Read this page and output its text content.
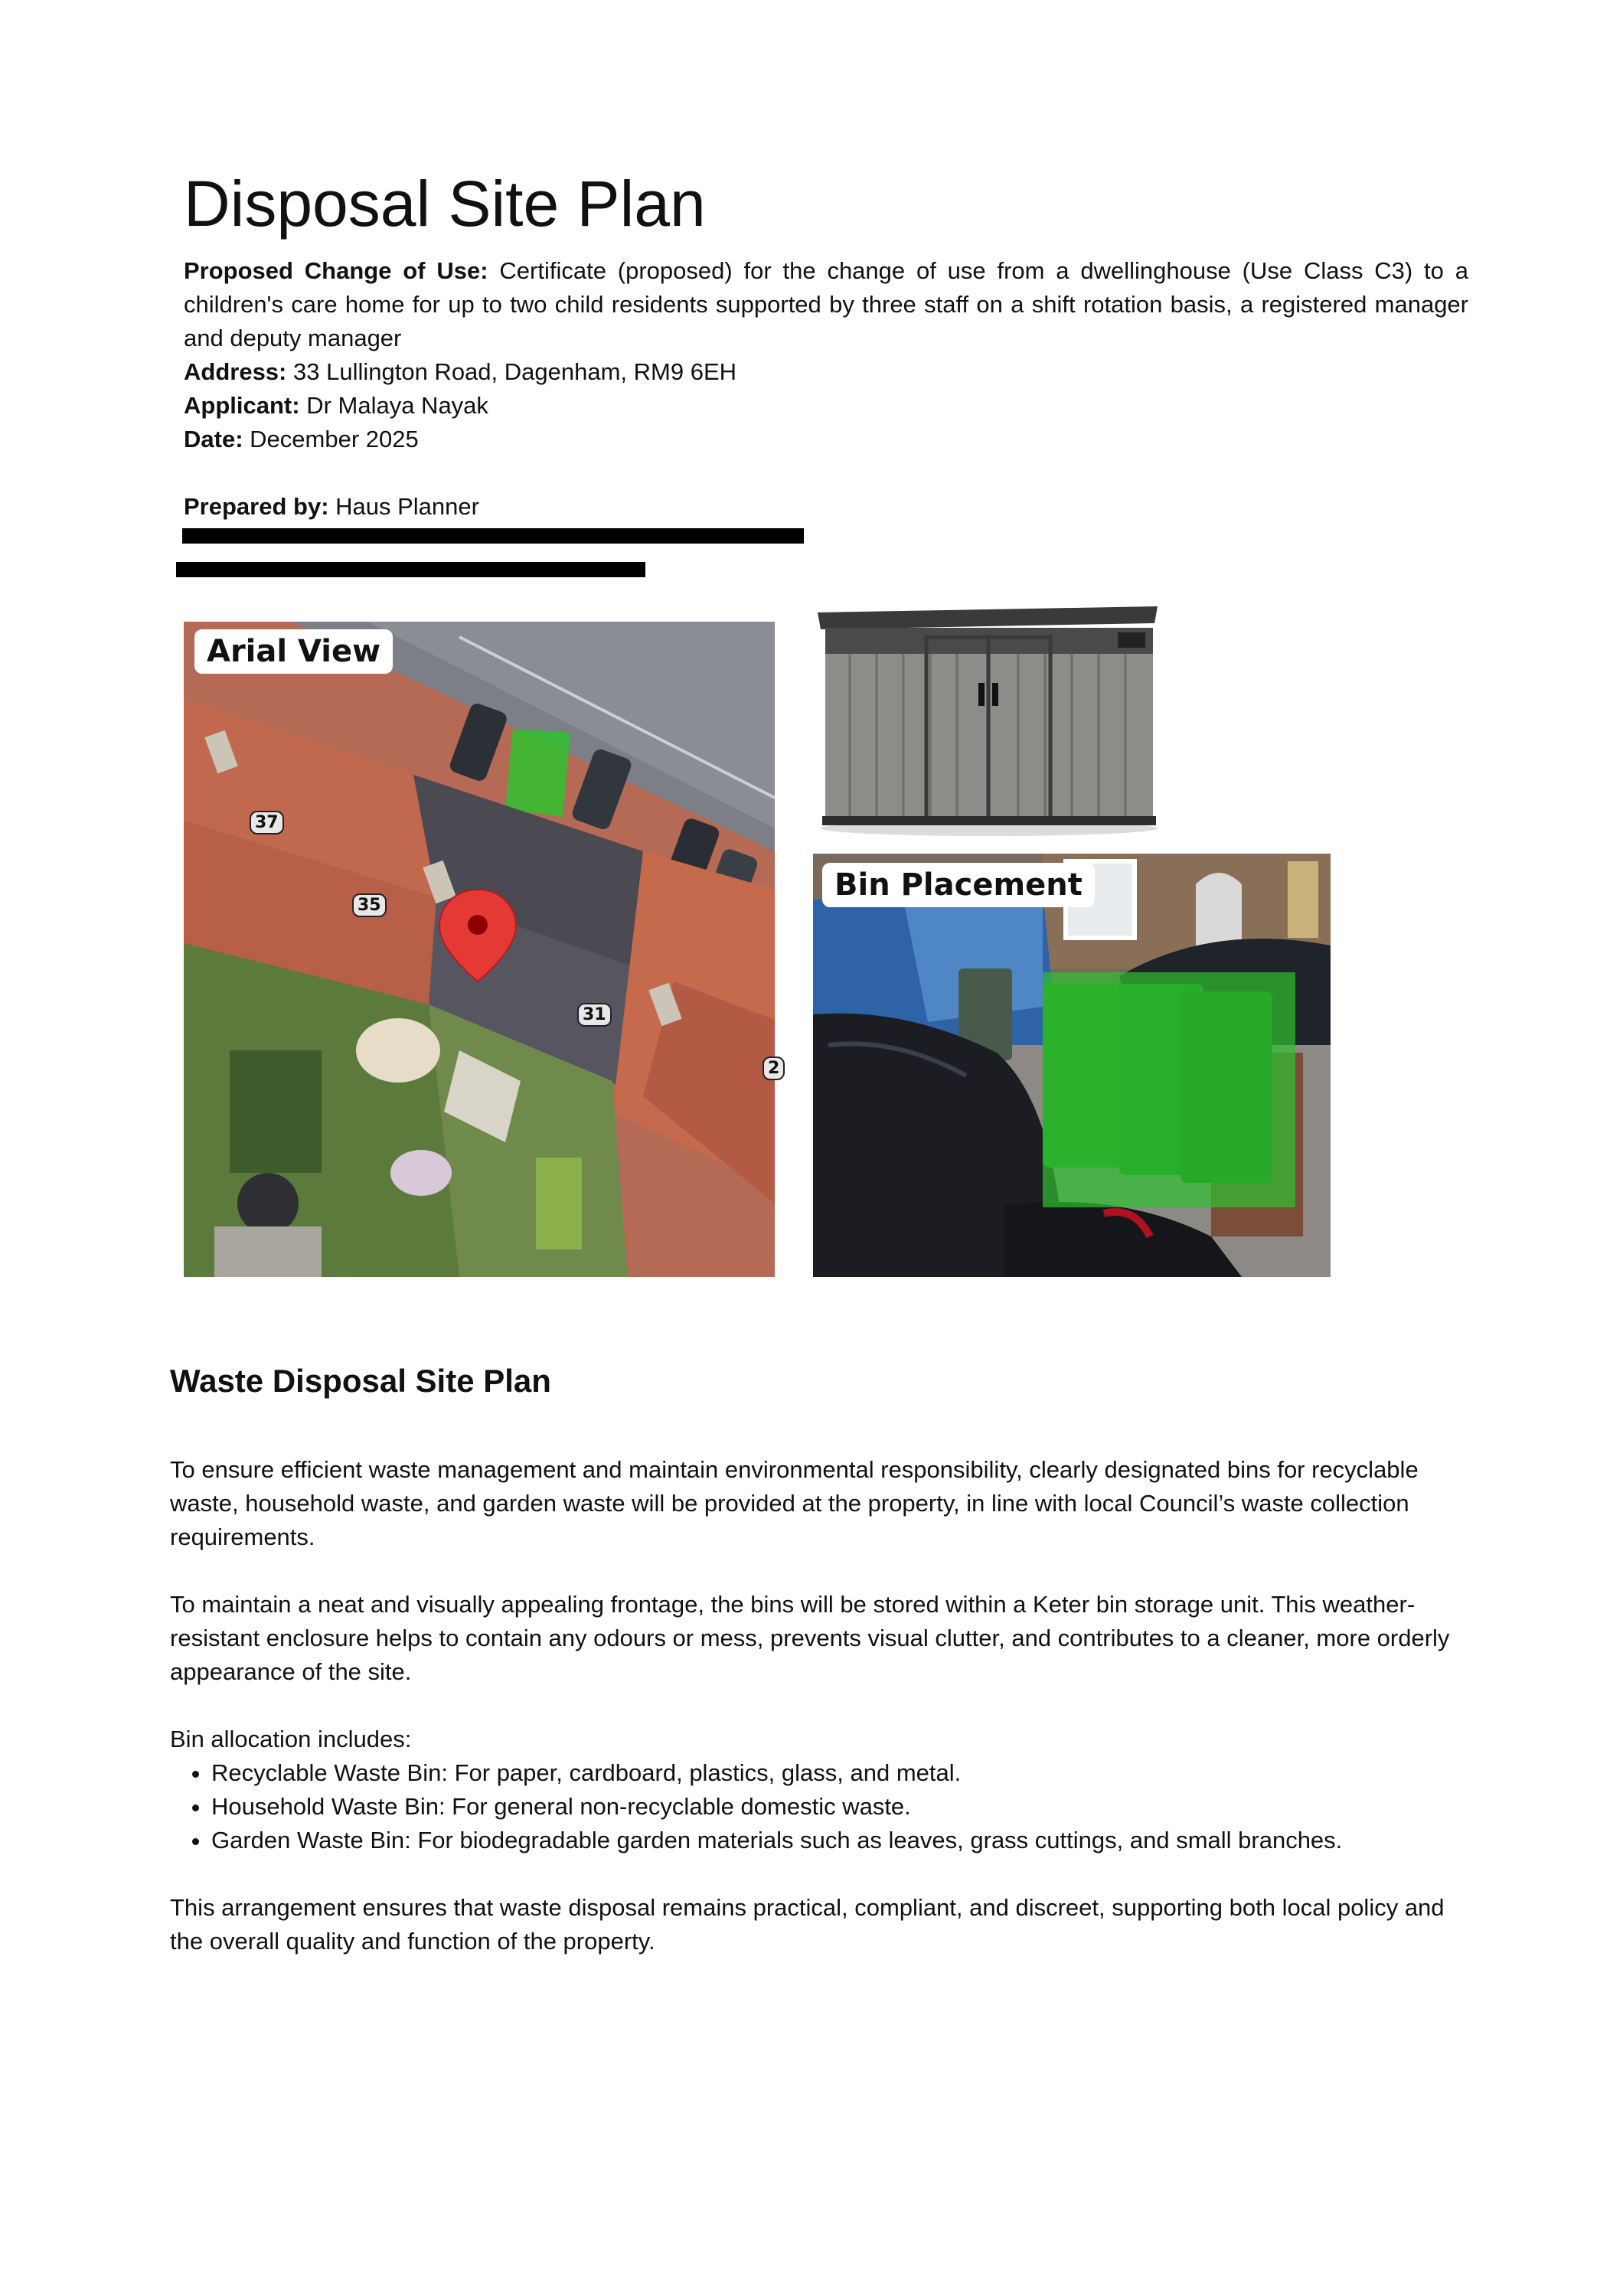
Disposal Site Plan

Proposed Change of Use: Certificate (proposed) for the change of use from a dwellinghouse (Use Class C3) to a children's care home for up to two child residents supported by three staff on a shift rotation basis, a registered manager and deputy manager

Address: 33 Lullington Road, Dagenham, RM9 6EH

Applicant: Dr Malaya Nayak

Date: December 2025

Prepared by: Haus Planner

Arial View
37
35
31
2
Bin Placement
Waste Disposal Site Plan

To ensure efficient waste management and maintain environmental responsibility, clearly designated bins for recyclable waste, household waste, and garden waste will be provided at the property, in line with local Council’s waste collection requirements.

To maintain a neat and visually appealing frontage, the bins will be stored within a Keter bin storage unit. This weather-resistant enclosure helps to contain any odours or mess, prevents visual clutter, and contributes to a cleaner, more orderly appearance of the site.

Bin allocation includes:

• Recyclable Waste Bin: For paper, cardboard, plastics, glass, and metal.
• Household Waste Bin: For general non-recyclable domestic waste.
• Garden Waste Bin: For biodegradable garden materials such as leaves, grass cuttings, and small branches.

This arrangement ensures that waste disposal remains practical, compliant, and discreet, supporting both local policy and the overall quality and function of the property.
